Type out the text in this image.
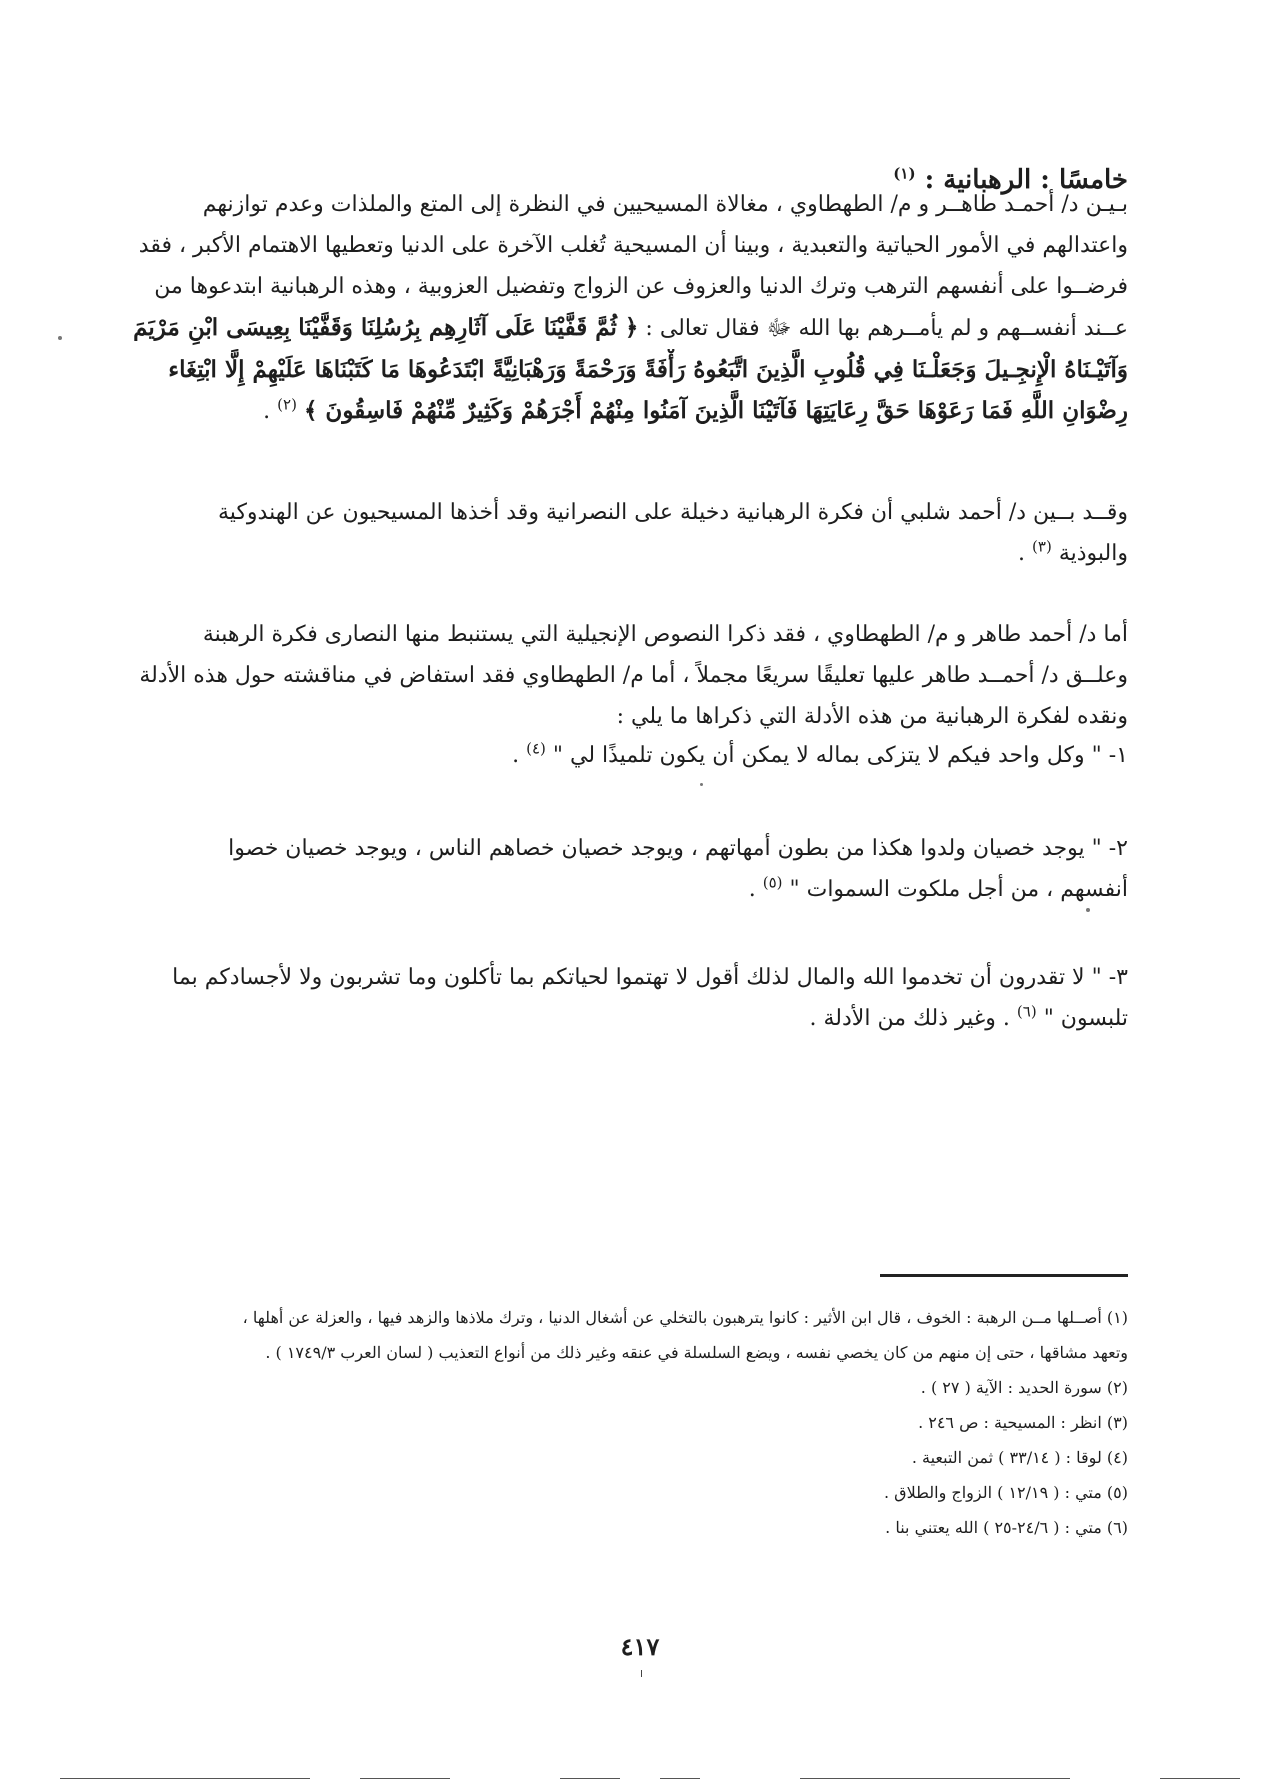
خامسًا : الرهبانية : $^{(١)}$
بـيـن د/ أحمـد طاهــر و م/ الطهطاوي ، مغالاة المسيحيين في النظرة إلى المتع والملذات وعدم توازنهم
واعتدالهم في الأمور الحياتية والتعبدية ، وبينا أن المسيحية تُغلب الآخرة على الدنيا وتعطيها الاهتمام الأكبر ، فقد
فرضــوا على أنفسهم الترهب وترك الدنيا والعزوف عن الزواج وتفضيل العزوبية ، وهذه الرهبانية ابتدعوها من
عــند أنفســهم و لم يأمــرهم بها الله ﷻ فقال تعالى : ﴿ ثُمَّ قَفَّيْنَا عَلَى آثَارِهِم بِرُسُلِنَا وَقَفَّيْنَا بِعِيسَى ابْنِ مَرْيَمَ
وَآتَيْـنَاهُ الْإِنجِـيلَ وَجَعَلْـنَا فِي قُلُوبِ الَّذِينَ اتَّبَعُوهُ رَأْفَةً وَرَحْمَةً وَرَهْبَانِيَّةً ابْتَدَعُوهَا مَا كَتَبْنَاهَا عَلَيْهِمْ إِلَّا ابْتِغَاء
رِضْوَانِ اللَّهِ فَمَا رَعَوْهَا حَقَّ رِعَايَتِهَا فَآتَيْنَا الَّذِينَ آمَنُوا مِنْهُمْ أَجْرَهُمْ وَكَثِيرٌ مِّنْهُمْ فَاسِقُونَ ﴾ $^{(٢)}$ .
وقــد بــين د/ أحمد شلبي أن فكرة الرهبانية دخيلة على النصرانية وقد أخذها المسيحيون عن الهندوكية
والبوذية $^{(٣)}$ .
أما د/ أحمد طاهر و م/ الطهطاوي ، فقد ذكرا النصوص الإنجيلية التي يستنبط منها النصارى فكرة الرهبنة
وعلــق د/ أحمــد طاهر عليها تعليقًا سريعًا مجملاً ، أما م/ الطهطاوي فقد استفاض في مناقشته حول هذه الأدلة
ونقده لفكرة الرهبانية من هذه الأدلة التي ذكراها ما يلي :
١- " وكل واحد فيكم لا يتزكى بماله لا يمكن أن يكون تلميذًا لي " $^{(٤)}$ .
٢- " يوجد خصيان ولدوا هكذا من بطون أمهاتهم ، ويوجد خصيان خصاهم الناس ، ويوجد خصيان خصوا
أنفسهم ، من أجل ملكوت السموات " $^{(٥)}$ .
٣- " لا تقدرون أن تخدموا الله والمال لذلك أقول لا تهتموا لحياتكم بما تأكلون وما تشربون ولا لأجسادكم بما
تلبسون " $^{(٦)}$ . وغير ذلك من الأدلة .
(١) أصــلها مــن الرهبة : الخوف ، قال ابن الأثير : كانوا يترهبون بالتخلي عن أشغال الدنيا ، وترك ملاذها والزهد فيها ، والعزلة عن أهلها ،
وتعهد مشاقها ، حتى إن منهم من كان يخصي نفسه ، ويضع السلسلة في عنقه وغير ذلك من أنواع التعذيب ( لسان العرب ١٧٤٩/٣ ) .
(٢) سورة الحديد : الآية ( ٢٧ ) .
(٣) انظر : المسيحية : ص ٢٤٦ .
(٤) لوقا : ( ٣٣/١٤ ) ثمن التبعية .
(٥) متي : ( ١٢/١٩ ) الزواج والطلاق .
(٦) متي : ( ٢٤/٦-٢٥ ) الله يعتني بنا .
٤١٧
